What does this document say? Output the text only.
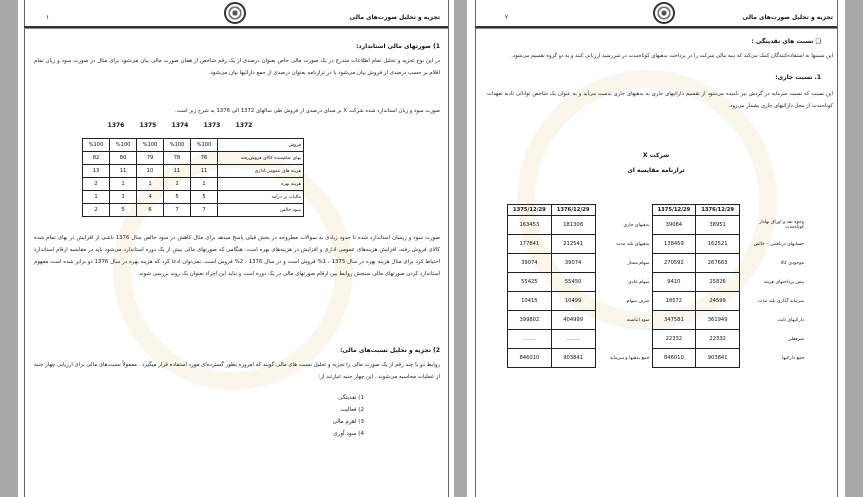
تجزیه و تحلیل صورت‌های مالی
۱
1) صورتهای مالی استاندارد:
در این نوع تجزیه و تحلیل تمام اطلاعات مندرج در یک صورت مالی خاص بعنوان درصدی از یک رقم شاخص از همان صورت مالی بیان می‌شود برای مثال در صورت سود و زیان تمام اقلام بر حسب درصدی از فروش بیان می‌شود یا در ترازنامه بعنوان درصدی از جمع دارائیها بیان می‌شود.
صورت سود و زیان استاندارد شده شرکت X بر مبنای درصدی از فروش طی سالهای 1372 الی 1376 به شرح زیر است.
1376	1375	1374	1373	1372
%100	%100	%100	%100	%100	فروش
82	80	79	78	76	بهای تمام‌شده کالای فروش‌رفته
13	11	10	11	11	هزینه های عمومی اداری
2	1	1	1	1	هزینه بهره
1	3	4	5	5	مالیات بر درآمد
2	5	6	7	7	سود خالص
صورت سود و زیسان استاندارد شده تا حدود زیادی به سوالات مطروحه در بخش قبلی پاسخ میدهد برای مثال کاهش در سود خالص سال 1376 ناشی از افزایش در بهای تمام شده کالای فروش رفته، افزایش هزینه‌های عمومی اداری و افزایش در هزینه‌های بهره است. هنگامی که صورتهای مالی بیش از یک دوره استاندارد می‌شود باید در مقایسه ارقام استاندارد احتیاط کرد برای مثال هزینه بهره در سال 1375 ، 1% فروش است و در سال 1376 ، 2% فروش است، نمی‌توان ادعا کرد که هزینه بهره در سال 1376 دو برابر شده است مفهوم استاندارد کردن صورتهای مالی سنجش روابط بین ارقام صورتهای مالی در یک دوره است و نباید این اجزاء بعنوان یک روند بررسی شوند.
2) تجزیه و تحلیل نسبت‌های مالی:
روابط دو یا چند رقم از یک صورت مالی را تجزیه و تحلیل نسبت های مالی گویند که امروزه بطور گسترده‌ای مورد استفاده قرار میگیرد . معمولاً نسبت‌های مالی برای ارزیابی چهار جنبه از عملیات محاسبه می‌شوند . این چهار جنبه عبارتند از:
1) نقدینگی
2) فعالیت
3) اهرم مالی
4) سود آوری
تجزیه و تحلیل صورت‌های مالی
۲
❑ نسبت های نقدینگی :
این نسبتها به استفاده‌کنندگان کمک می‌کند که بنیه مالی شرکت را در پرداخت بدهیهای کوتاه‌مدت در سررسید ارزیابی کنند و به دو گروه تقسیم می‌شود.
1. نسبت جاری:
این نسبت که نسبت سرمایه در گردش نیز نامیده می‌شود از تقسیم دارائیهای جاری به بدهیهای جاری بدست می‌آید و به عنوان یک شاخص توانائی تادیه تعهدات کوتاه‌مدت از محل دارائیهای جاری بشمار می‌رود.
شرکت X
ترازنامه مقایسه ای
1375/12/29	1376/12/29		1375/12/29	1376/12/29	
163453	181308	بدهیهای جاری	39084	38951	وجوه نقد و اوراق بهادار کوتاه‌مدت
177841	212541	بدهیهای بلند مدت	138459	162521	حسابهای دریافتنی – خالص
39074	39074	سهام ممتاز	270592	267663	موجودی کالا
55425	55450	سهام عادی	9410	25826	پیش پرداختهای هزینه
10415	10499	صرف سهام	18572	24599	سرمایه گذاری بلند مدت
399802	404999	سود انباشته	347581	361949	دارائیهای ثابت
........	........		22332	22332	سرقفلی
846010	903841	جمع بدهیها و سرمایه	846010	903841	جمع دارائیها
